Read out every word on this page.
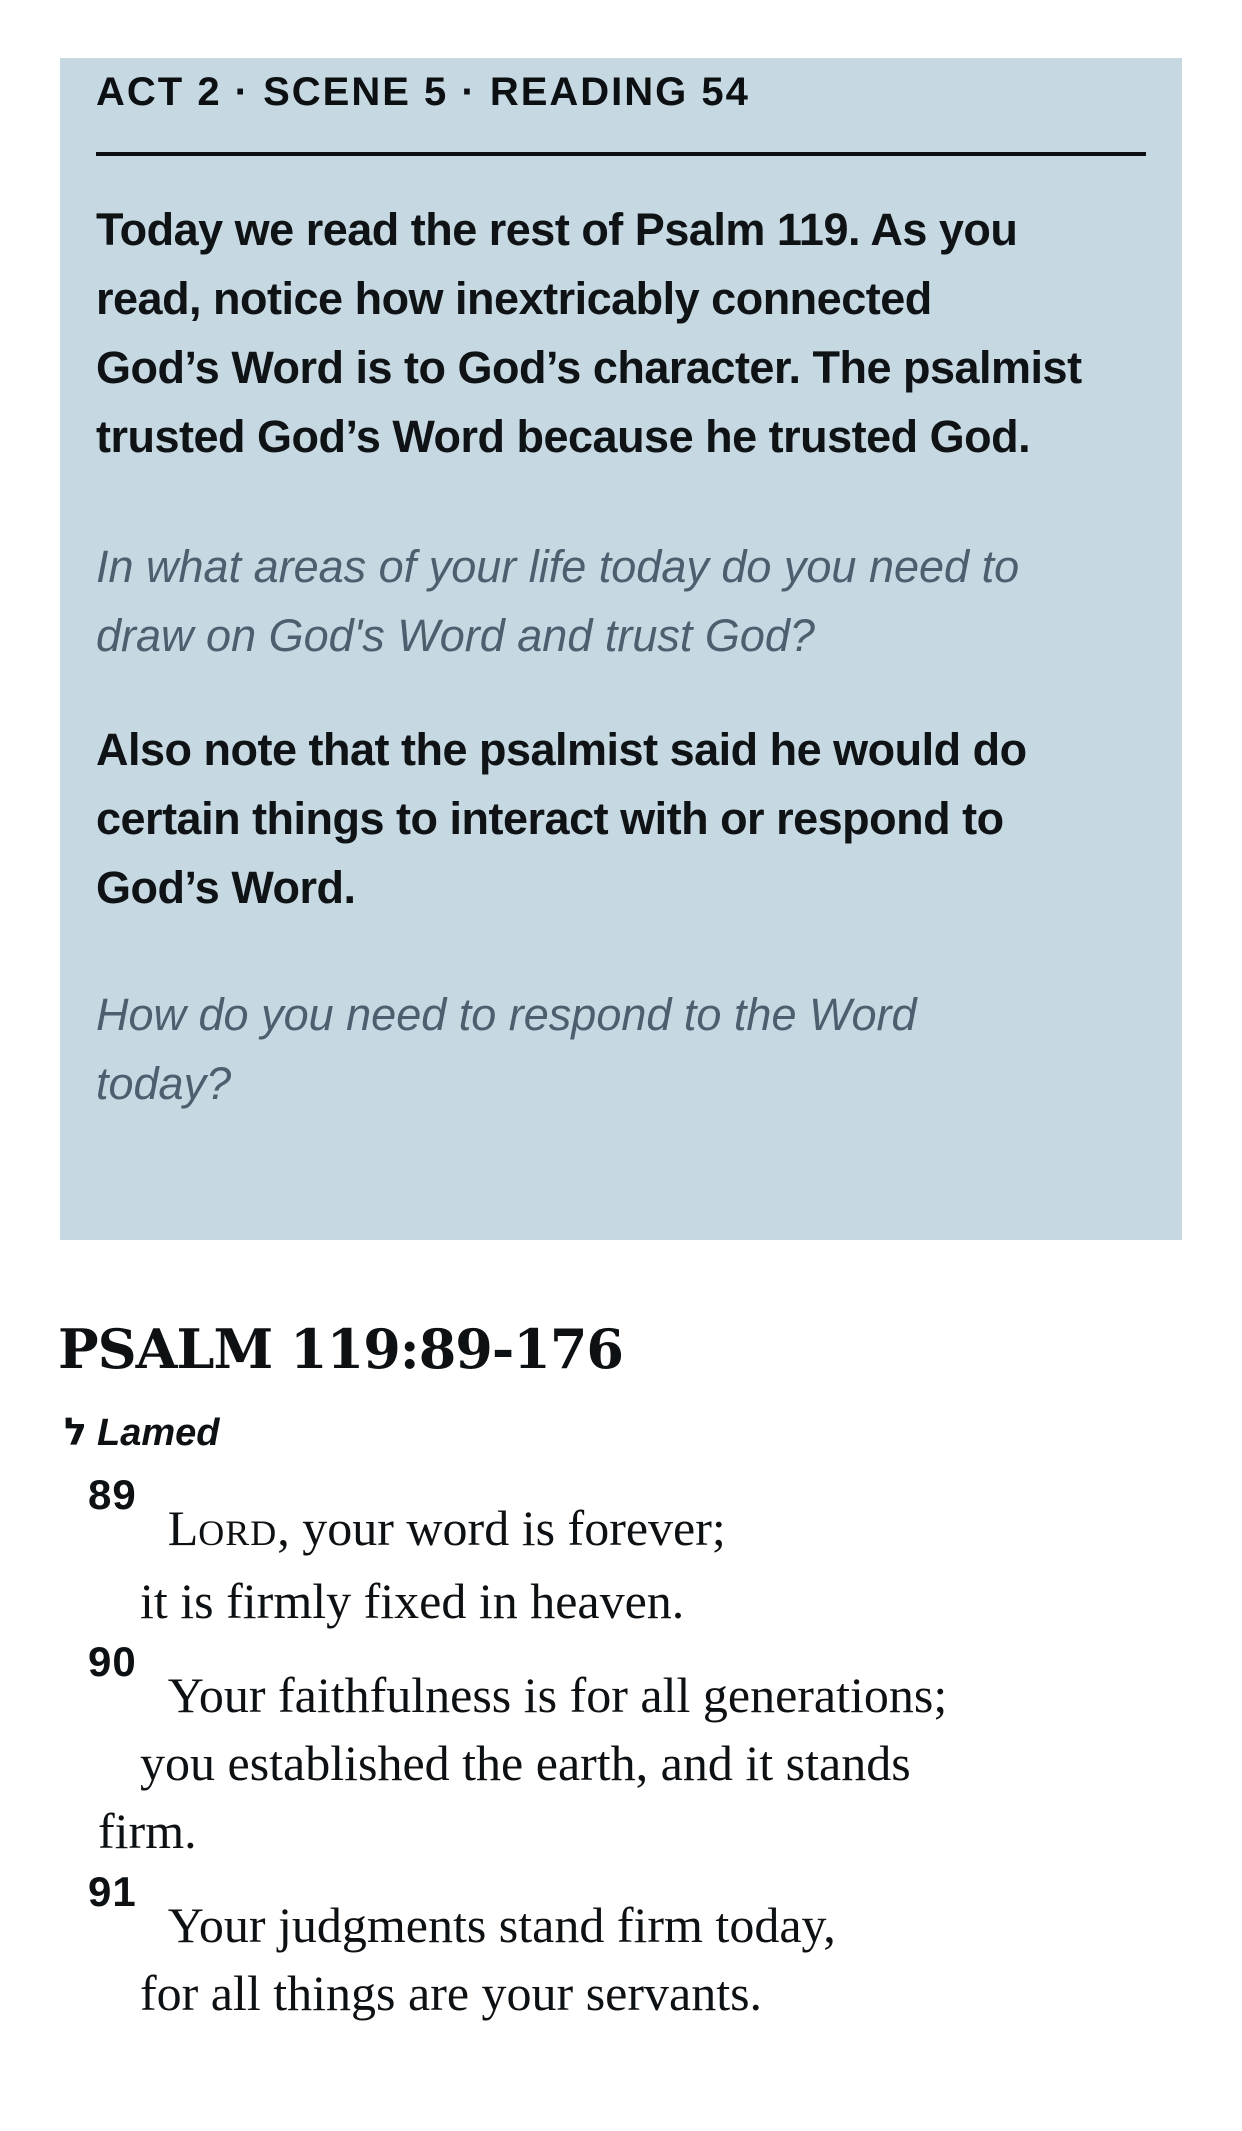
ACT 2 · SCENE 5 · READING 54
Today we read the rest of Psalm 119. As you
read, notice how inextricably connected
God’s Word is to God’s character. The psalmist
trusted God’s Word because he trusted God.
In what areas of your life today do you need to
draw on God's Word and trust God?
Also note that the psalmist said he would do
certain things to interact with or respond to
God’s Word.
How do you need to respond to the Word
today?
PSALM 119:89-176
ל Lamed
89LORD, your word is forever;
it is firmly fixed in heaven.
90Your faithfulness is for all generations;
you established the earth, and it stands
firm.
91Your judgments stand firm today,
for all things are your servants.
